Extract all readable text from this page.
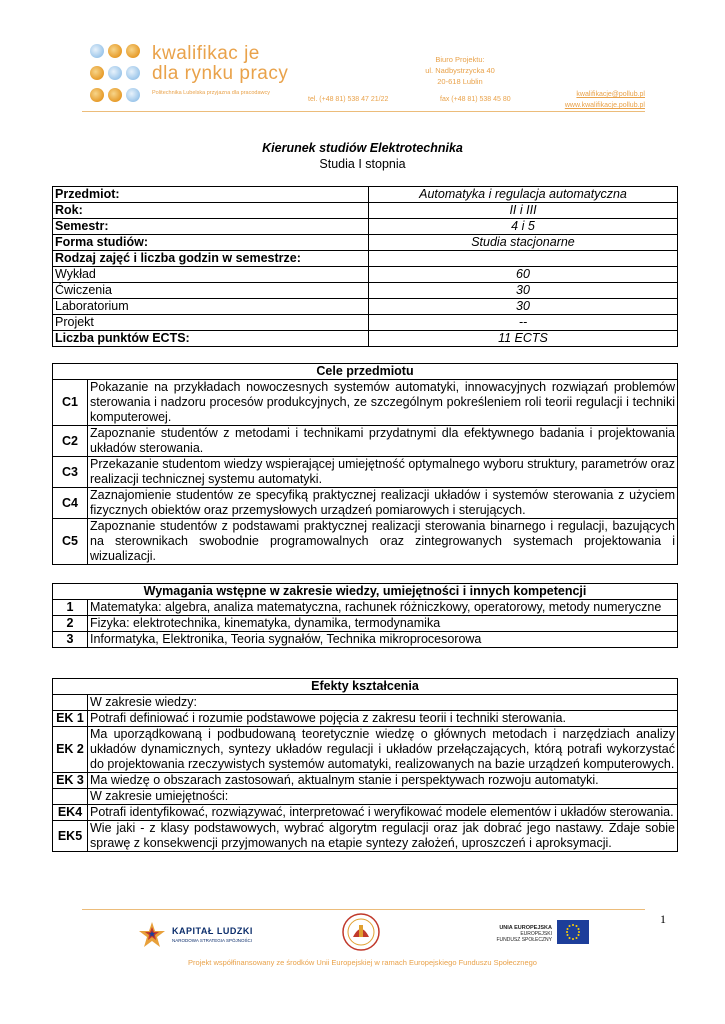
kwalifikac je
dla rynku pracy
Politechnika Lubelska przyjazna dla pracodawcy
Biuro Projektu:
ul. Nadbystrzycka 40
20-618 Lublin
tel. (+48 81) 538 47 21/22	fax (+48 81) 538 45 80
kwalifikacje@pollub.pl
www.kwalifikacje.pollub.pl
Kierunek studiów Elektrotechnika
Studia I stopnia
Przedmiot:	Automatyka i regulacja automatyczna
Rok:	II i III
Semestr:	4 i 5
Forma studiów:	Studia stacjonarne
Rodzaj zajęć i liczba godzin w semestrze:	
Wykład	60
Ćwiczenia	30
Laboratorium	30
Projekt	--
Liczba punktów ECTS:	11 ECTS
Cele przedmiotu	
C1	Pokazanie na przykładach nowoczesnych systemów automatyki, innowacyjnych rozwiązań problemów sterowania i nadzoru procesów produkcyjnych, ze szczególnym pokreśleniem roli teorii regulacji i techniki komputerowej.
C2	Zapoznanie studentów z metodami i technikami przydatnymi dla efektywnego badania i projektowania układów sterowania.
C3	Przekazanie studentom wiedzy wspierającej umiejętność optymalnego wyboru struktury, parametrów oraz realizacji technicznej systemu automatyki.
C4	Zaznajomienie studentów ze specyfiką praktycznej realizacji układów i systemów sterowania z użyciem fizycznych obiektów oraz przemysłowych urządzeń pomiarowych i sterujących.
C5	Zapoznanie studentów z podstawami praktycznej realizacji sterowania binarnego i regulacji, bazujących na sterownikach swobodnie programowalnych oraz zintegrowanych systemach projektowania i wizualizacji.
Wymagania wstępne w zakresie wiedzy, umiejętności i innych kompetencji	
1	Matematyka: algebra, analiza matematyczna, rachunek różniczkowy, operatorowy, metody numeryczne
2	Fizyka: elektrotechnika, kinematyka, dynamika, termodynamika
3	Informatyka, Elektronika, Teoria sygnałów, Technika mikroprocesorowa
Efekty kształcenia	
	W zakresie wiedzy:
EK 1	Potrafi definiować i rozumie podstawowe pojęcia z zakresu teorii i techniki sterowania.
EK 2	Ma uporządkowaną i podbudowaną teoretycznie wiedzę o głównych metodach i narzędziach analizy układów dynamicznych, syntezy układów regulacji i układów przełączających, którą potrafi wykorzystać do projektowania rzeczywistych systemów automatyki, realizowanych na bazie urządzeń komputerowych.
EK 3	Ma wiedzę o obszarach zastosowań, aktualnym stanie i perspektywach rozwoju automatyki.
	W zakresie umiejętności:
EK4	Potrafi identyfikować, rozwiązywać, interpretować i weryfikować modele elementów i układów sterowania.
EK5	Wie jaki - z klasy podstawowych, wybrać algorytm regulacji oraz jak dobrać jego nastawy. Zdaje sobie sprawę z konsekwencji przyjmowanych na etapie syntezy założeń, uproszczeń i aproksymacji.
1
KAPITAŁ LUDZKI
NARODOWA STRATEGIA SPÓJNOŚCI
UNIA EUROPEJSKA
EUROPEJSKI
FUNDUSZ SPOŁECZNY
Projekt współfinansowany ze środków Unii Europejskiej w ramach Europejskiego Funduszu Społecznego
